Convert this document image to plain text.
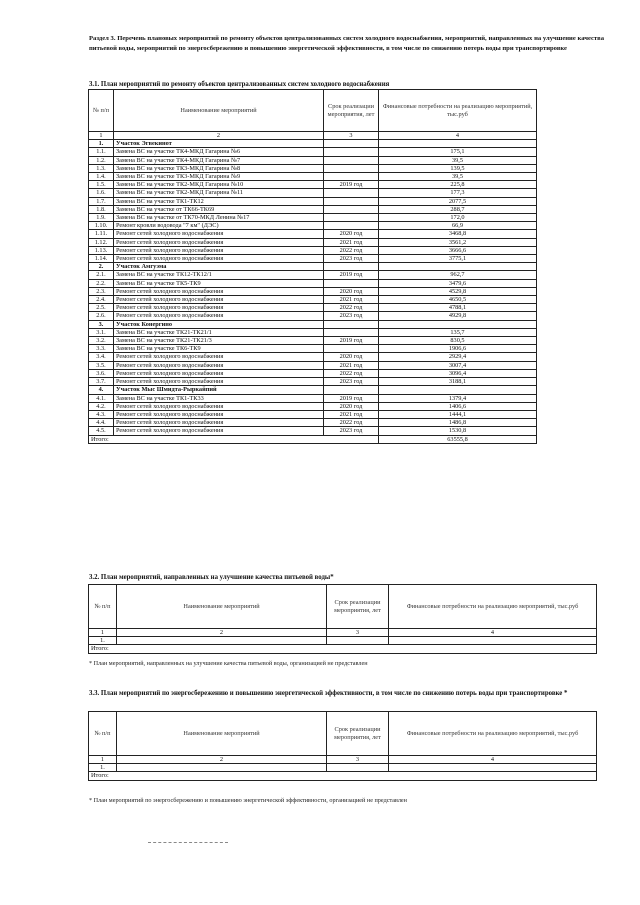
Раздел 3. Перечень плановых мероприятий по ремонту объектов централизованных систем холодного водоснабжения, мероприятий, направленных на улучшение качества питьевой воды, мероприятий по энергосбережению и повышению энергетической эффективности, в том числе по снижению потерь воды при транспортировке
3.1. План мероприятий по ремонту объектов централизованных систем холодного водоснабжения
№ п/п	Наименование мероприятий	Срок реализации мероприятия, лет	Финансовые потребности на реализацию мероприятий, тыс.руб
1	2	3	4
1.	Участок Эгвекинот		
1.1.	Замена ВС на участке ТК4-МКД Гагарина №6		175,1
1.2.	Замена ВС на участке ТК4-МКД Гагарина №7		39,5
1.3.	Замена ВС на участке ТК3-МКД Гагарина №8		139,5
1.4.	Замена ВС на участке ТК3-МКД Гагарина №9		39,5
1.5.	Замена ВС на участке ТК2-МКД Гагарина №10	2019 год	225,8
1.6.	Замена ВС на участке ТК2-МКД Гагарина №11		177,3
1.7.	Замена ВС на участке ТК1-ТК12		2077,5
1.8.	Замена ВС на участке от ТК66-ТК69		288,7
1.9.	Замена ВС на участке от ТК70-МКД Ленина №17		172,0
1.10.	Ремонт кровли водовода "7 км" (ДЭС)		66,9
1.11.	Ремонт сетей холодного водоснабжения	2020 год	3468,8
1.12.	Ремонт сетей холодного водоснабжения	2021 год	3561,2
1.13.	Ремонт сетей холодного водоснабжения	2022 год	3666,6
1.14.	Ремонт сетей холодного водоснабжения	2023 год	3775,1
2.	Участок Амгуэма		
2.1.	Замена ВС на участке ТК12-ТК12/1	2019 год	962,7
2.2.	Замена ВС на участке ТК5-ТК9		3479,6
2.3.	Ремонт сетей холодного водоснабжения	2020 год	4529,8
2.4.	Ремонт сетей холодного водоснабжения	2021 год	4650,5
2.5.	Ремонт сетей холодного водоснабжения	2022 год	4788,1
2.6.	Ремонт сетей холодного водоснабжения	2023 год	4929,8
3.	Участок Конергино		
3.1.	Замена ВС на участке ТК21-ТК21/1		135,7
3.2.	Замена ВС на участке ТК21-ТК21/3	2019 год	830,5
3.3.	Замена ВС на участке ТК6-ТК9		1906,6
3.4.	Ремонт сетей холодного водоснабжения	2020 год	2929,4
3.5.	Ремонт сетей холодного водоснабжения	2021 год	3007,4
3.6.	Ремонт сетей холодного водоснабжения	2022 год	3096,4
3.7.	Ремонт сетей холодного водоснабжения	2023 год	3188,1
4.	Участок Мыс Шмидта-Рыркайпий		
4.1.	Замена ВС на участке ТК1-ТК33	2019 год	1379,4
4.2.	Ремонт сетей холодного водоснабжения	2020 год	1406,6
4.3.	Ремонт сетей холодного водоснабжения	2021 год	1444,1
4.4.	Ремонт сетей холодного водоснабжения	2022 год	1486,8
4.5.	Ремонт сетей холодного водоснабжения	2023 год	1530,8
Итого:			63555,8
3.2. План мероприятий, направленных на улучшение качества питьевой воды*
№ п/п	Наименование мероприятий	Срок реализации мероприятия, лет	Финансовые потребности на реализацию мероприятий, тыс.руб
1	2	3	4
1.			
Итого:			
* План мероприятий, направленных на улучшение качества питьевой воды, организацией не представлен
3.3. План мероприятий по энергосбережению и повышению энергетической эффективности, в том числе по снижению потерь воды при транспортировке *
№ п/п	Наименование мероприятий	Срок реализации мероприятия, лет	Финансовые потребности на реализацию мероприятий, тыс.руб
1	2	3	4
1.			
Итого:			
* План мероприятий по энергосбережению и повышению энергетической эффективности, организацией не представлен
